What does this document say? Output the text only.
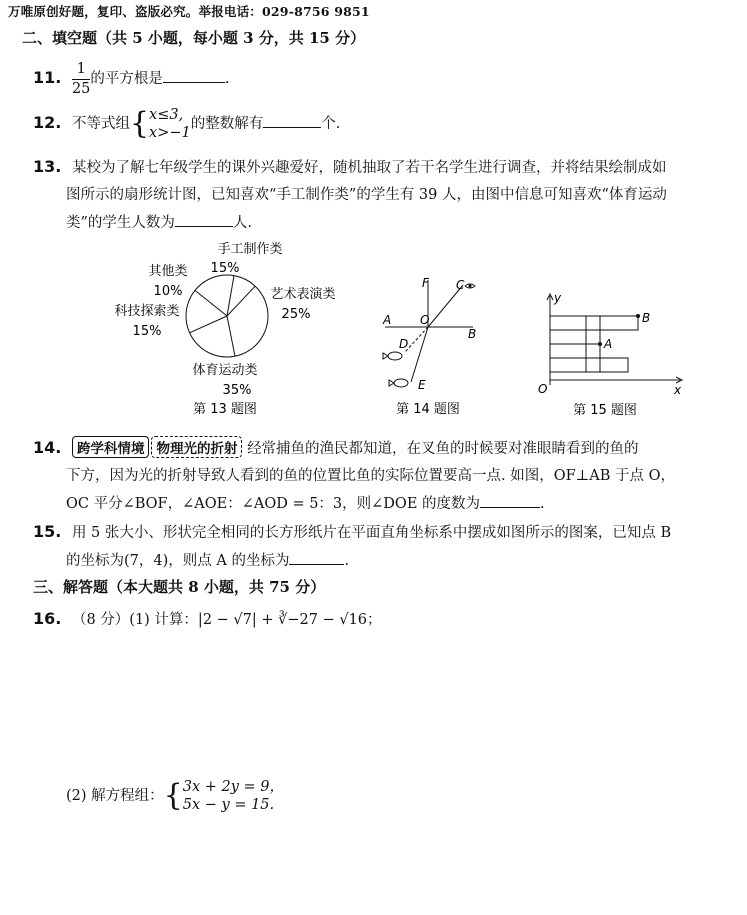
万唯原创好题，复印、盗版必究。举报电话：029-8756 9851
二、填空题（共 5 小题，每小题 3 分，共 15 分）
11. $\frac{1}{25}$ 的平方根是	.
12. 不等式组{ x≤3,
x>−1
的整数解有	个.
13. 某校为了解七年级学生的课外兴趣爱好，随机抽取了若干名学生进行调查，并将结果绘制成如
图所示的扇形统计图，已知喜欢“手工制作类”的学生有 39 人，由图中信息可知喜欢“体育运动
类”的学生人数为	人.
手工制作类
15%
艺术表演类
25%
体育运动类
35%
科技探索类
15%
其他类
10%
第 13 题图
F C
A O
B
D
E
第 14 题图
y
x
O
B
A
第 15 题图
14. 跨学科情境 物理光的折射 经常捕鱼的渔民都知道，在叉鱼的时候要对准眼睛看到的鱼的
下方，因为光的折射导致人看到的鱼的位置比鱼的实际位置要高一点. 如图，OF⊥AB 于点 O，
OC 平分∠BOF，∠AOE：∠AOD = 5：3，则∠DOE 的度数为	.
15. 用 5 张大小、形状完全相同的长方形纸片在平面直角坐标系中摆成如图所示的图案，已知点 B
的坐标为(7，4)，则点 A 的坐标为	.
三、解答题（本大题共 8 小题，共 75 分）
16. （8 分）(1) 计算：|2 − √7| + ∛−27 − √16；
(2) 解方程组：{ 3x + 2y = 9，
5x − y = 15.
